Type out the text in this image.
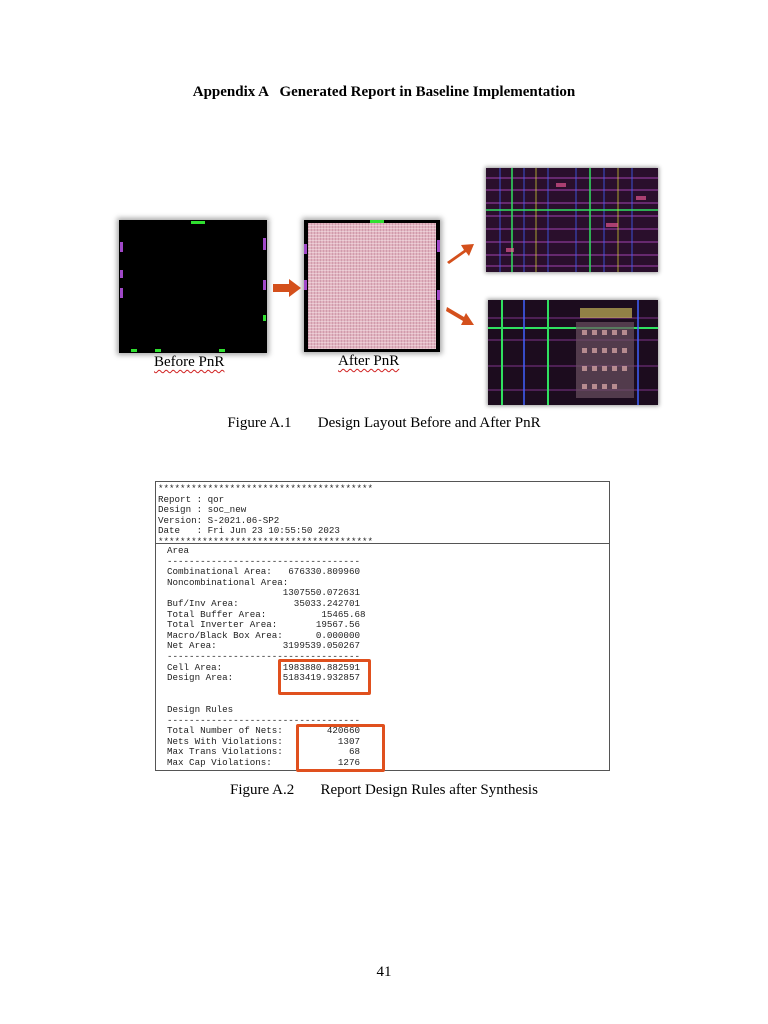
Appendix A Generated Report in Baseline Implementation
Before PnR	After PnR
Figure A.1 Design Layout Before and After PnR
***************************************
Report : qor
Design : soc_new
Version: S-2021.06-SP2
Date   : Fri Jun 23 10:55:50 2023
***************************************
Area
-----------------------------------
Combinational Area:   676330.809960
Noncombinational Area:
1307550.072631
Buf/Inv Area:          35033.242701
Total Buffer Area:          15465.68
Total Inverter Area:       19567.56
Macro/Black Box Area:      0.000000
Net Area:            3199539.050267
-----------------------------------
Cell Area:           1983880.882591
Design Area:         5183419.932857
Design Rules
-----------------------------------
Total Number of Nets:        420660
Nets With Violations:          1307
Max Trans Violations:            68
Max Cap Violations:            1276
Figure A.2 Report Design Rules after Synthesis
41
